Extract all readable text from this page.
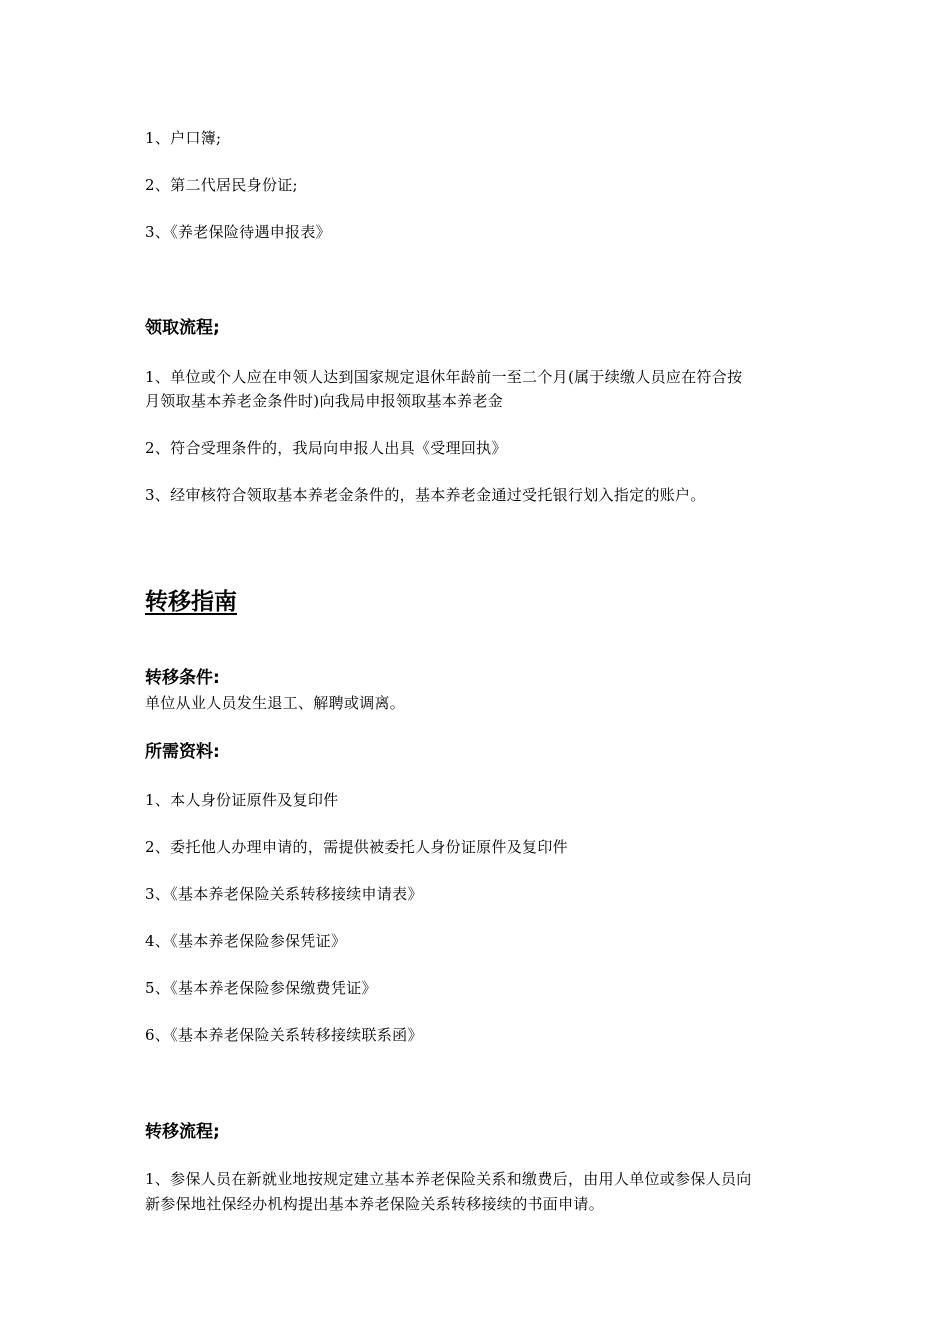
1、户口簿;
2、第二代居民身份证;
3、《养老保险待遇申报表》
领取流程;
1、单位或个人应在申领人达到国家规定退休年龄前一至二个月(属于续缴人员应在符合按
月领取基本养老金条件时)向我局申报领取基本养老金
2、符合受理条件的，我局向申报人出具《受理回执》
3、经审核符合领取基本养老金条件的，基本养老金通过受托银行划入指定的账户。
转移指南
转移条件:
单位从业人员发生退工、解聘或调离。
所需资料:
1、本人身份证原件及复印件
2、委托他人办理申请的，需提供被委托人身份证原件及复印件
3、《基本养老保险关系转移接续申请表》
4、《基本养老保险参保凭证》
5、《基本养老保险参保缴费凭证》
6、《基本养老保险关系转移接续联系函》
转移流程;
1、参保人员在新就业地按规定建立基本养老保险关系和缴费后，由用人单位或参保人员向
新参保地社保经办机构提出基本养老保险关系转移接续的书面申请。
